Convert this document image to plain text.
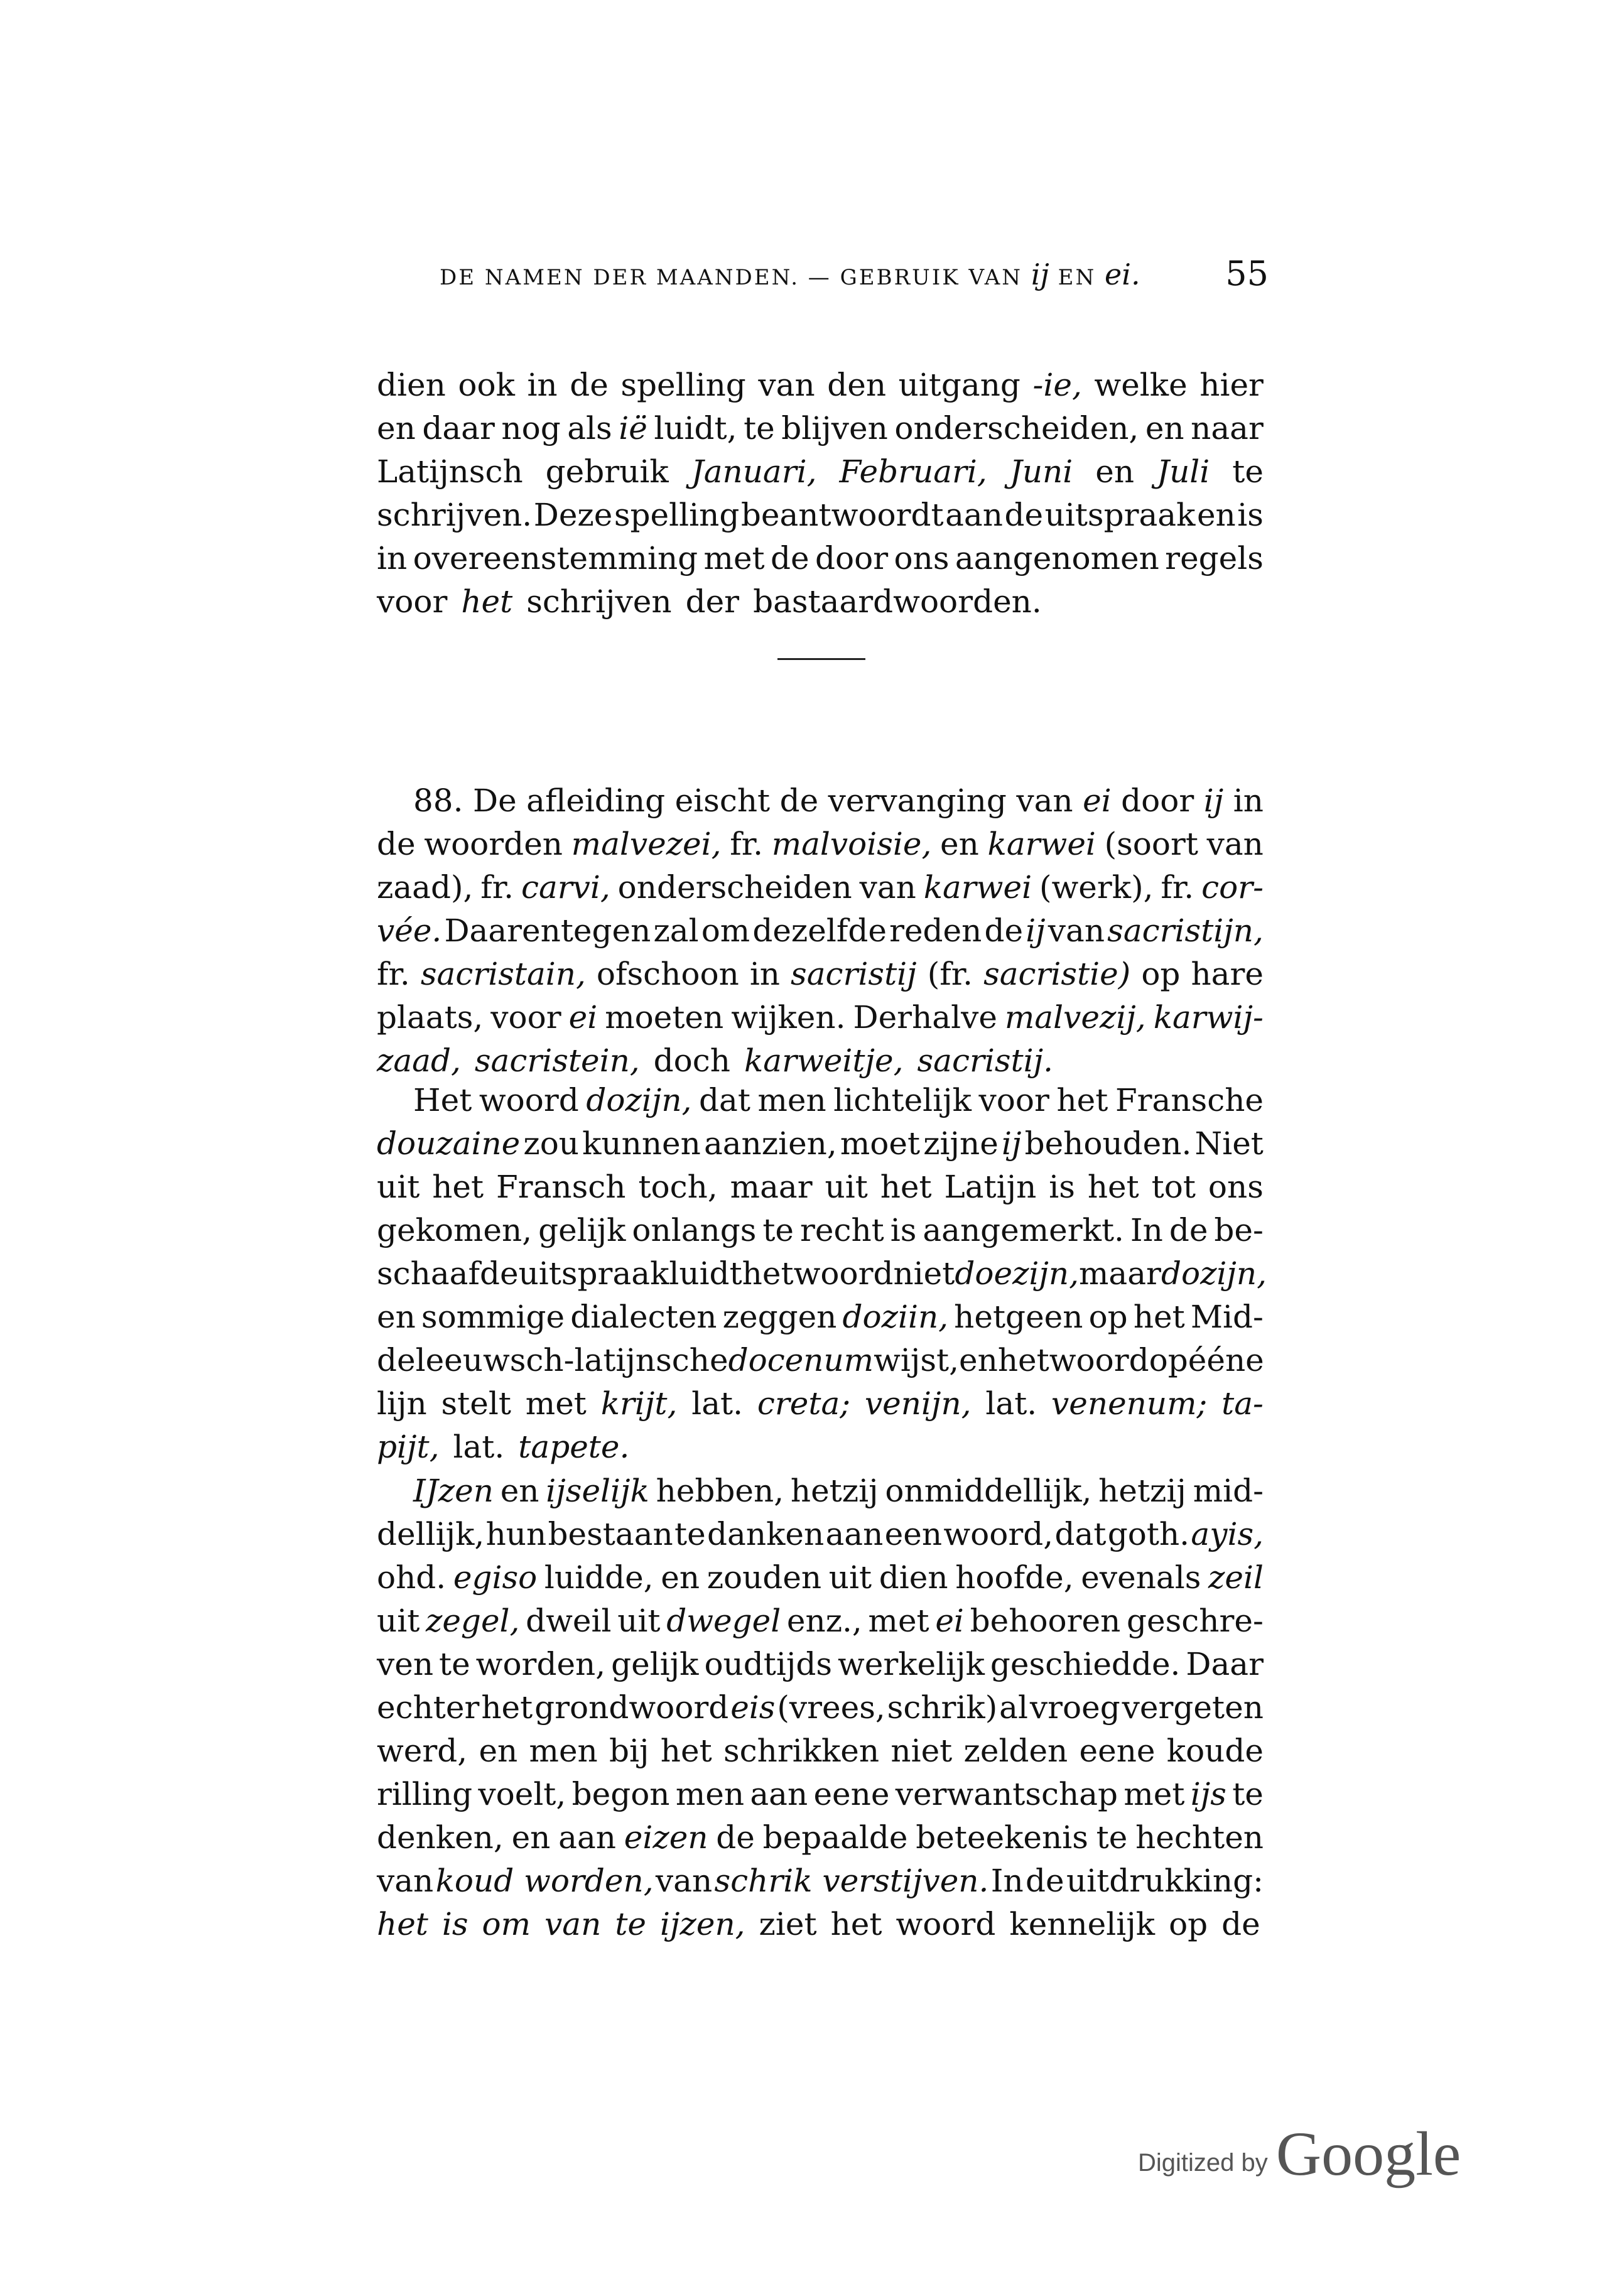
DE NAMEN DER MAANDEN. — GEBRUIK VAN ij EN ei.	55
dien ook in de spelling van den uitgang -ie, welke hier
en daar nog als ië luidt, te blijven onderscheiden, en naar
Latijnsch gebruik Januari, Februari, Juni en Juli te
schrijven. Deze spelling beantwoordt aan de uitspraak en is
in overeenstemming met de door ons aangenomen regels
voor het schrijven der bastaardwoorden.
88. De afleiding eischt de vervanging van ei door ij in
de woorden malvezei, fr. malvoisie, en karwei (soort van
zaad), fr. carvi, onderscheiden van karwei (werk), fr. cor-
vée. Daarentegen zal om dezelfde reden de ij van sacristijn,
fr. sacristain, ofschoon in sacristij (fr. sacristie) op hare
plaats, voor ei moeten wijken. Derhalve malvezij, karwij-
zaad, sacristein, doch karweitje, sacristij.
Het woord dozijn, dat men lichtelijk voor het Fransche
douzaine zou kunnen aanzien, moet zijne ij behouden. Niet
uit het Fransch toch, maar uit het Latijn is het tot ons
gekomen, gelijk onlangs te recht is aangemerkt. In de be-
schaafde uitspraak luidt het woord niet doezijn, maar dozijn,
en sommige dialecten zeggen doziin, hetgeen op het Mid-
deleeuwsch-latijnsche docenum wijst, en het woord op ééne
lijn stelt met krijt, lat. creta; venijn, lat. venenum; ta-
pijt, lat. tapete.
IJzen en ijselijk hebben, hetzij onmiddellijk, hetzij mid-
dellijk, hun bestaan te danken aan een woord, dat goth. ayis,
ohd. egiso luidde, en zouden uit dien hoofde, evenals zeil
uit zegel, dweil uit dwegel enz., met ei behooren geschre-
ven te worden, gelijk oudtijds werkelijk geschiedde. Daar
echter het grondwoord eis (vrees, schrik) al vroeg vergeten
werd, en men bij het schrikken niet zelden eene koude
rilling voelt, begon men aan eene verwantschap met ijs te
denken, en aan eizen de bepaalde beteekenis te hechten
van koud worden, van schrik verstijven. In de uitdrukking:
het is om van te ijzen, ziet het woord kennelijk op de
Digitized by Google
